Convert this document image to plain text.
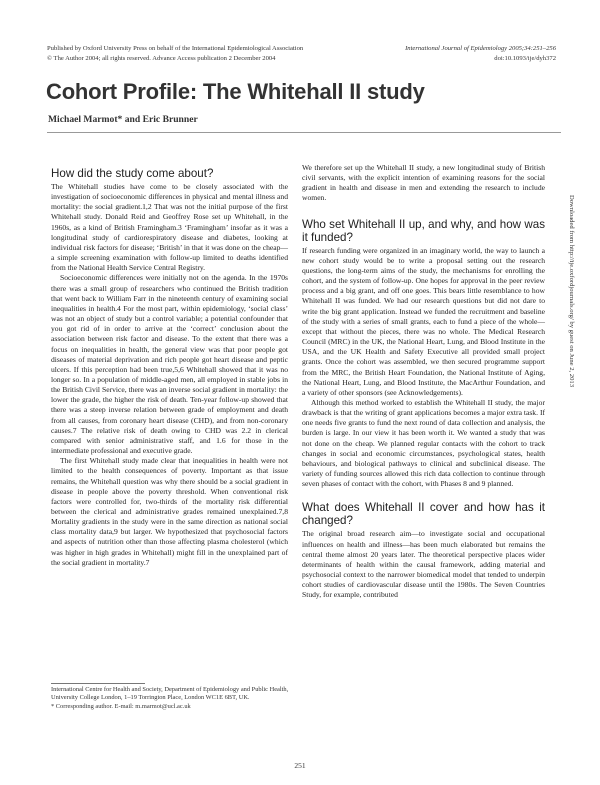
Published by Oxford University Press on behalf of the International Epidemiological Association
© The Author 2004; all rights reserved. Advance Access publication 2 December 2004
International Journal of Epidemiology 2005;34:251–256
doi:10.1093/ije/dyh372
Cohort Profile: The Whitehall II study
Michael Marmot* and Eric Brunner
How did the study come about?

The Whitehall studies have come to be closely associated with the investigation of socioeconomic differences in physical and mental illness and mortality: the social gradient.1,2 That was not the initial purpose of the first Whitehall study. Donald Reid and Geoffrey Rose set up Whitehall, in the 1960s, as a kind of British Framingham.3 ‘Framingham’ insofar as it was a longitudinal study of cardiorespiratory disease and diabetes, looking at individual risk factors for disease; ‘British’ in that it was done on the cheap—a simple screening examination with follow-up limited to deaths identified from the National Health Service Central Registry.

Socioeconomic differences were initially not on the agenda. In the 1970s there was a small group of researchers who continued the British tradition that went back to William Farr in the nineteenth century of examining social inequalities in health.4 For the most part, within epidemiology, ‘social class’ was not an object of study but a control variable; a potential confounder that you got rid of in order to arrive at the ‘correct’ conclusion about the association between risk factor and disease. To the extent that there was a focus on inequalities in health, the general view was that poor people got diseases of material deprivation and rich people got heart disease and peptic ulcers. If this perception had been true,5,6 Whitehall showed that it was no longer so. In a population of middle-aged men, all employed in stable jobs in the British Civil Service, there was an inverse social gradient in mortality: the lower the grade, the higher the risk of death. Ten-year follow-up showed that there was a steep inverse relation between grade of employment and death from all causes, from coronary heart disease (CHD), and from non-coronary causes.7 The relative risk of death owing to CHD was 2.2 in clerical compared with senior administrative staff, and 1.6 for those in the intermediate professional and executive grade.

The first Whitehall study made clear that inequalities in health were not limited to the health consequences of poverty. Important as that issue remains, the Whitehall question was why there should be a social gradient in disease in people above the poverty threshold. When conventional risk factors were controlled for, two-thirds of the mortality risk differential between the clerical and administrative grades remained unexplained.7,8 Mortality gradients in the study were in the same direction as national social class mortality data,9 but larger. We hypothesized that psychosocial factors and aspects of nutrition other than those affecting plasma cholesterol (which was higher in high grades in Whitehall) might fill in the unexplained part of the social gradient in mortality.7

International Centre for Health and Society, Department of Epidemiology and Public Health, University College London, 1–19 Torrington Place, London WC1E 6BT, UK.

* Corresponding author. E-mail: m.marmot@ucl.ac.uk

We therefore set up the Whitehall II study, a new longitudinal study of British civil servants, with the explicit intention of examining reasons for the social gradient in health and disease in men and extending the research to include women.

Who set Whitehall II up, and why, and how was it funded?

If research funding were organized in an imaginary world, the way to launch a new cohort study would be to write a proposal setting out the research questions, the long-term aims of the study, the mechanisms for enrolling the cohort, and the system of follow-up. One hopes for approval in the peer review process and a big grant, and off one goes. This bears little resemblance to how Whitehall II was funded. We had our research questions but did not dare to write the big grant application. Instead we funded the recruitment and baseline of the study with a series of small grants, each to fund a piece of the whole—except that without the pieces, there was no whole. The Medical Research Council (MRC) in the UK, the National Heart, Lung, and Blood Institute in the USA, and the UK Health and Safety Executive all provided small project grants. Once the cohort was assembled, we then secured programme support from the MRC, the British Heart Foundation, the National Institute of Aging, the National Heart, Lung, and Blood Institute, the MacArthur Foundation, and a variety of other sponsors (see Acknowledgements).

Although this method worked to establish the Whitehall II study, the major drawback is that the writing of grant applications becomes a major extra task. If one needs five grants to fund the next round of data collection and analysis, the burden is large. In our view it has been worth it. We wanted a study that was not done on the cheap. We planned regular contacts with the cohort to track changes in social and economic circumstances, psychological states, health behaviours, and biological pathways to clinical and subclinical disease. The variety of funding sources allowed this rich data collection to continue through seven phases of contact with the cohort, with Phases 8 and 9 planned.

What does Whitehall II cover and how has it changed?

The original broad research aim—to investigate social and occupational influences on health and illness—has been much elaborated but remains the central theme almost 20 years later. The theoretical perspective places wider determinants of health within the causal framework, adding material and psychosocial context to the narrower biomedical model that tended to underpin cohort studies of cardiovascular disease until the 1980s. The Seven Countries Study, for example, contributed

Downloaded from http://ije.oxfordjournals.org/ by guest on June 2, 2013
251
